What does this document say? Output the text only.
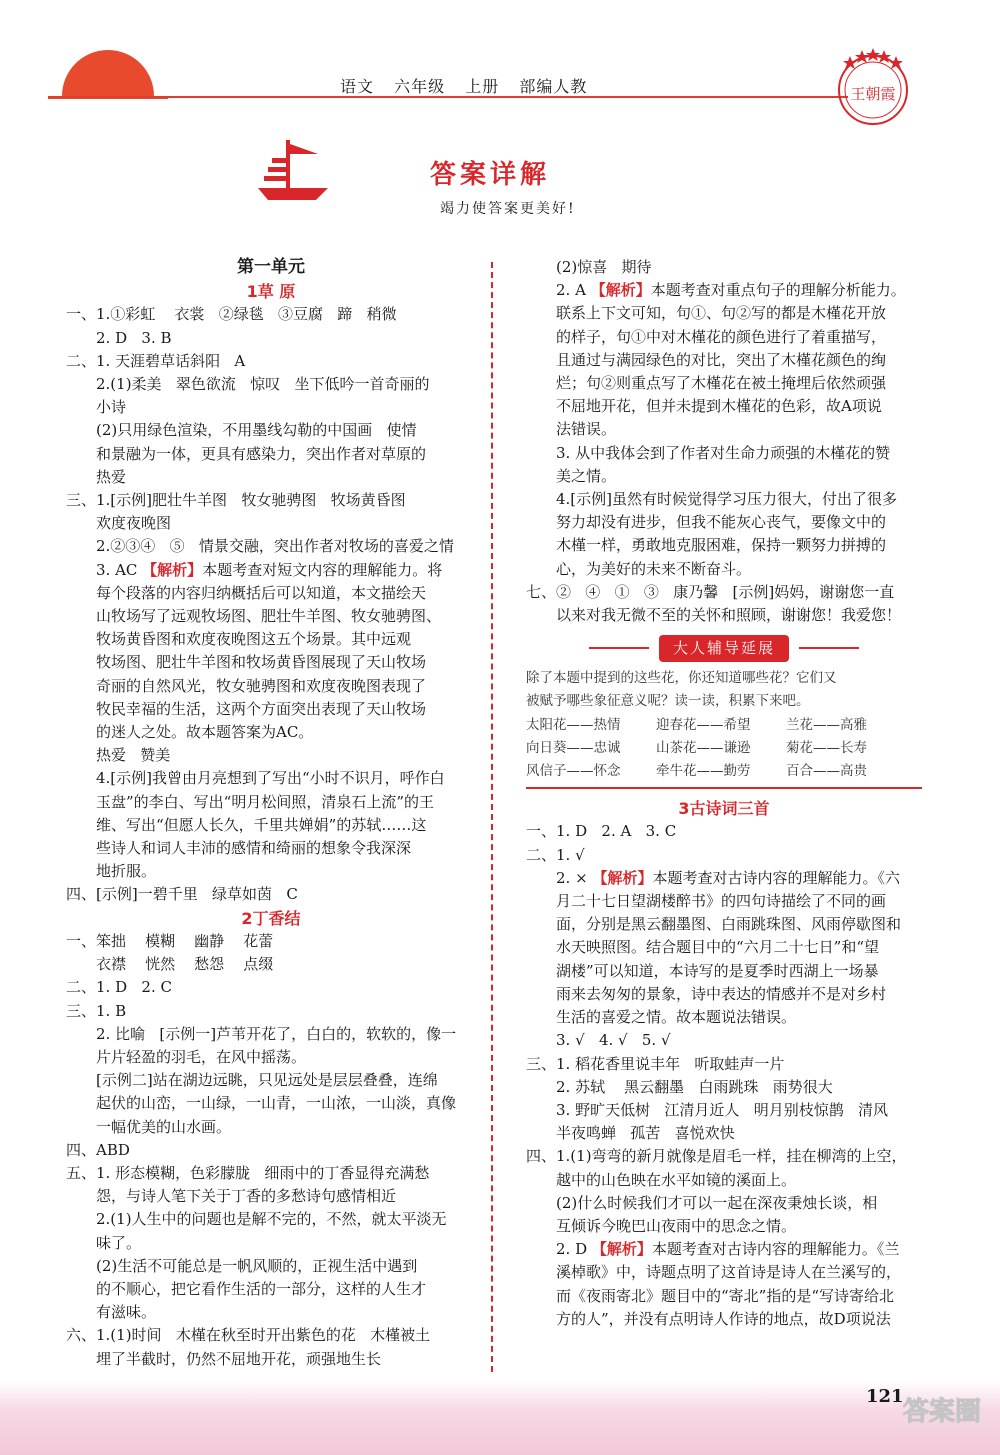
语文 六年级 上册 部编人教	王朝霞
答案详解
竭力使答案更美好!
第一单元
1草 原
一、1.①彩虹    衣裳   ②绿毯   ③豆腐   蹄   稍微
2. D   3. B
二、1. 天涯碧草话斜阳   A
2.(1)柔美   翠色欲流   惊叹   坐下低吟一首奇丽的
小诗
(2)只用绿色渲染，不用墨线勾勒的中国画   使情
和景融为一体，更具有感染力，突出作者对草原的
热爱
三、1.[示例]肥壮牛羊图   牧女驰骋图   牧场黄昏图
欢度夜晚图
2.②③④   ⑤   情景交融，突出作者对牧场的喜爱之情
3. AC 【解析】本题考查对短文内容的理解能力。将
每个段落的内容归纳概括后可以知道，本文描绘天
山牧场写了远观牧场图、肥壮牛羊图、牧女驰骋图、
牧场黄昏图和欢度夜晚图这五个场景。其中远观
牧场图、肥壮牛羊图和牧场黄昏图展现了天山牧场
奇丽的自然风光，牧女驰骋图和欢度夜晚图表现了
牧民幸福的生活，这两个方面突出表现了天山牧场
的迷人之处。故本题答案为AC。
热爱   赞美
4.[示例]我曾由月亮想到了写出“小时不识月，呼作白
玉盘”的李白、写出“明月松间照，清泉石上流”的王
维、写出“但愿人长久，千里共婵娟”的苏轼……这
些诗人和词人丰沛的感情和绮丽的想象令我深深
地折服。
四、[示例]一碧千里   绿草如茵   C
2丁香结
一、笨拙    模糊    幽静    花蕾
衣襟    恍然    愁怨    点缀
二、1. D   2. C
三、1. B
2. 比喻   [示例一]芦苇开花了，白白的，软软的，像一
片片轻盈的羽毛，在风中摇荡。
[示例二]站在湖边远眺，只见远处是层层叠叠，连绵
起伏的山峦，一山绿，一山青，一山浓，一山淡，真像
一幅优美的山水画。
四、ABD
五、1. 形态模糊，色彩朦胧   细雨中的丁香显得充满愁
怨，与诗人笔下关于丁香的多愁诗句感情相近
2.(1)人生中的问题也是解不完的，不然，就太平淡无
味了。
(2)生活不可能总是一帆风顺的，正视生活中遇到
的不顺心，把它看作生活的一部分，这样的人生才
有滋味。
六、1.(1)时间   木槿在秋至时开出紫色的花   木槿被土
埋了半截时，仍然不屈地开花，顽强地生长
(2)惊喜   期待
2. A 【解析】本题考查对重点句子的理解分析能力。
联系上下文可知，句①、句②写的都是木槿花开放
的样子，句①中对木槿花的颜色进行了着重描写，
且通过与满园绿色的对比，突出了木槿花颜色的绚
烂；句②则重点写了木槿花在被土掩埋后依然顽强
不屈地开花，但并未提到木槿花的色彩，故A项说
法错误。
3. 从中我体会到了作者对生命力顽强的木槿花的赞
美之情。
4.[示例]虽然有时候觉得学习压力很大，付出了很多
努力却没有进步，但我不能灰心丧气，要像文中的
木槿一样，勇敢地克服困难，保持一颗努力拼搏的
心，为美好的未来不断奋斗。
七、②   ④   ①   ③   康乃馨   [示例]妈妈，谢谢您一直
以来对我无微不至的关怀和照顾，谢谢您！我爱您！
大人辅导延展
除了本题中提到的这些花，你还知道哪些花？它们又
被赋予哪些象征意义呢？读一读，积累下来吧。
太阳花——热情	迎春花——希望	兰花——高雅
向日葵——忠诚	山茶花——谦逊	菊花——长寿
风信子——怀念	牵牛花——勤劳	百合——高贵
3古诗词三首
一、1. D   2. A   3. C
二、1. √
2. × 【解析】本题考查对古诗内容的理解能力。《六
月二十七日望湖楼醉书》的四句诗描绘了不同的画
面，分别是黑云翻墨图、白雨跳珠图、风雨停歇图和
水天映照图。结合题目中的“六月二十七日”和“望
湖楼”可以知道，本诗写的是夏季时西湖上一场暴
雨来去匆匆的景象，诗中表达的情感并不是对乡村
生活的喜爱之情。故本题说法错误。
3. √   4. √   5. √
三、1. 稻花香里说丰年   听取蛙声一片
2. 苏轼    黑云翻墨   白雨跳珠   雨势很大
3. 野旷天低树   江清月近人   明月别枝惊鹊   清风
半夜鸣蝉   孤苦   喜悦欢快
四、1.(1)弯弯的新月就像是眉毛一样，挂在柳湾的上空，
越中的山色映在水平如镜的溪面上。
(2)什么时候我们才可以一起在深夜秉烛长谈，相
互倾诉今晚巴山夜雨中的思念之情。
2. D 【解析】本题考查对古诗内容的理解能力。《兰
溪棹歌》中，诗题点明了这首诗是诗人在兰溪写的，
而《夜雨寄北》题目中的“寄北”指的是“写诗寄给北
方的人”，并没有点明诗人作诗的地点，故D项说法
121
答案圈
